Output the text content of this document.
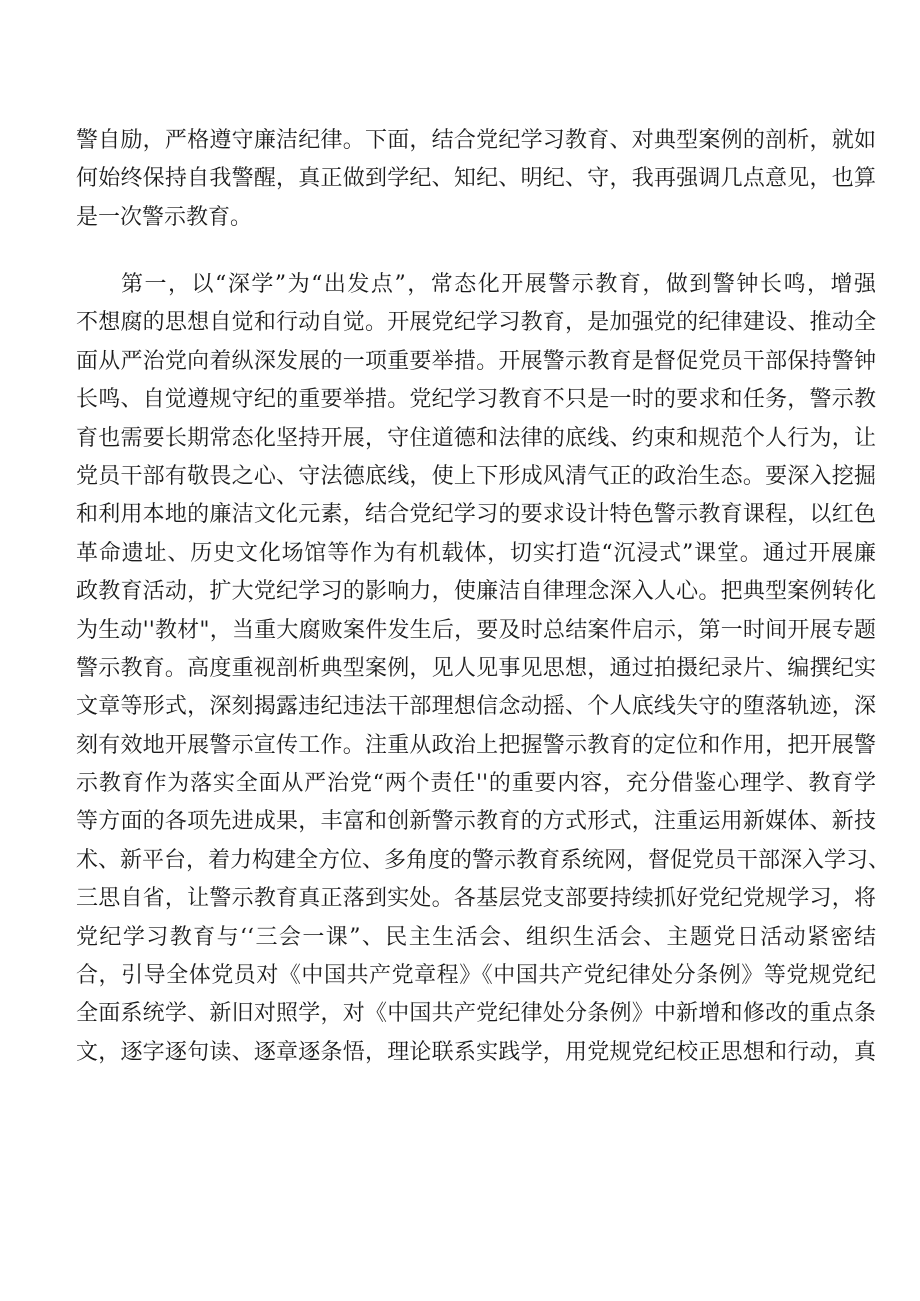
警自励，严格遵守廉洁纪律。下面，结合党纪学习教育、对典型案例的剖析，就如
何始终保持自我警醒，真正做到学纪、知纪、明纪、守，我再强调几点意见，也算
是一次警示教育。
第一，以“深学”为“出发点”，常态化开展警示教育，做到警钟长鸣，增强
不想腐的思想自觉和行动自觉。开展党纪学习教育，是加强党的纪律建设、推动全
面从严治党向着纵深发展的一项重要举措。开展警示教育是督促党员干部保持警钟
长鸣、自觉遵规守纪的重要举措。党纪学习教育不只是一时的要求和任务，警示教
育也需要长期常态化坚持开展，守住道德和法律的底线、约束和规范个人行为，让
党员干部有敬畏之心、守法德底线，使上下形成风清气正的政治生态。要深入挖掘
和利用本地的廉洁文化元素，结合党纪学习的要求设计特色警示教育课程，以红色
革命遗址、历史文化场馆等作为有机载体，切实打造“沉浸式”课堂。通过开展廉
政教育活动，扩大党纪学习的影响力，使廉洁自律理念深入人心。把典型案例转化
为生动''教材"，当重大腐败案件发生后，要及时总结案件启示，第一时间开展专题
警示教育。高度重视剖析典型案例，见人见事见思想，通过拍摄纪录片、编撰纪实
文章等形式，深刻揭露违纪违法干部理想信念动摇、个人底线失守的堕落轨迹，深
刻有效地开展警示宣传工作。注重从政治上把握警示教育的定位和作用，把开展警
示教育作为落实全面从严治党“两个责任''的重要内容，充分借鉴心理学、教育学
等方面的各项先进成果，丰富和创新警示教育的方式形式，注重运用新媒体、新技
术、新平台，着力构建全方位、多角度的警示教育系统网，督促党员干部深入学习、
三思自省，让警示教育真正落到实处。各基层党支部要持续抓好党纪党规学习，将
党纪学习教育与‘‘三会一课”、民主生活会、组织生活会、主题党日活动紧密结
合，引导全体党员对《中国共产党章程》《中国共产党纪律处分条例》等党规党纪
全面系统学、新旧对照学，对《中国共产党纪律处分条例》中新增和修改的重点条
文，逐字逐句读、逐章逐条悟，理论联系实践学，用党规党纪校正思想和行动，真
